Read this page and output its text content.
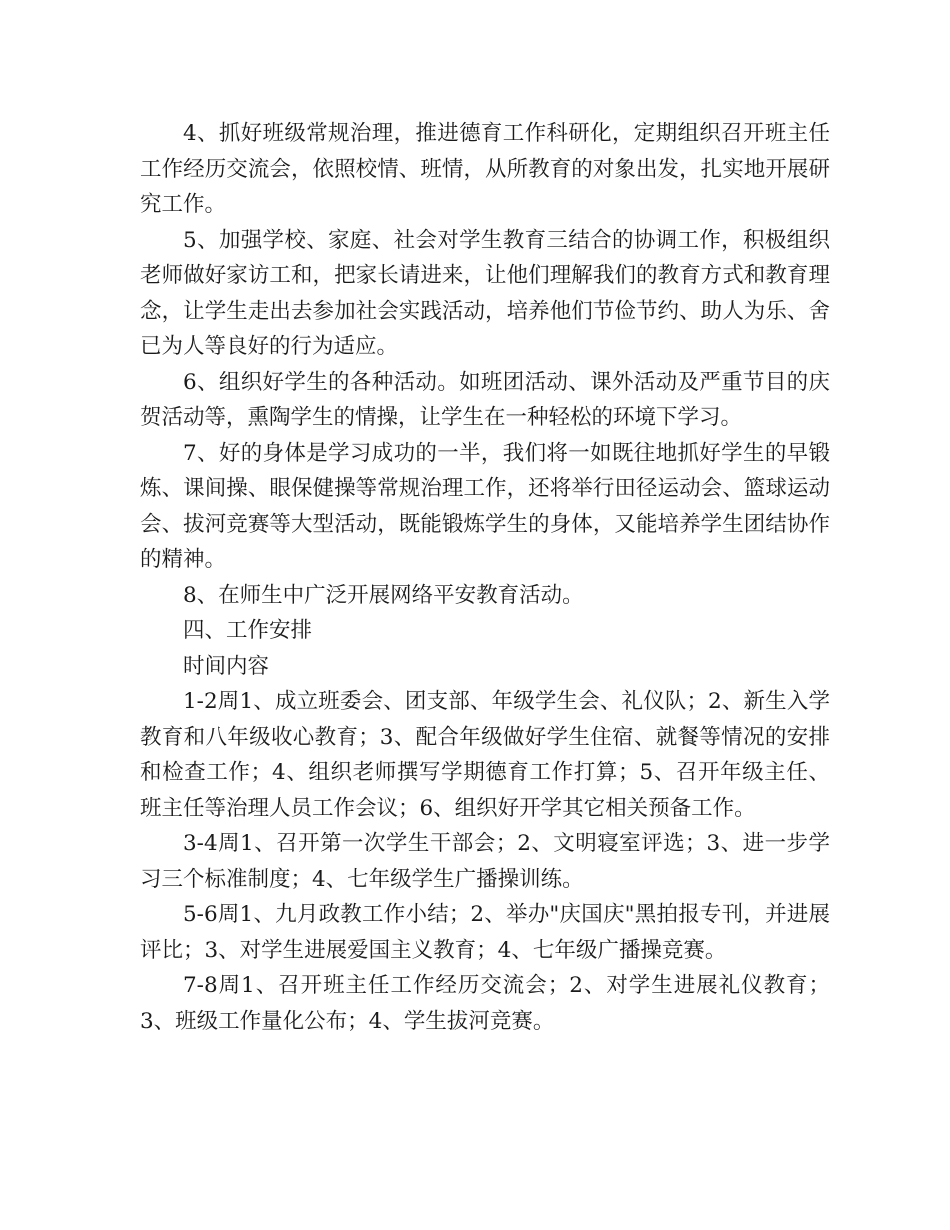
4、抓好班级常规治理，推进德育工作科研化，定期组织召开班主任工作经历交流会，依照校情、班情，从所教育的对象出发，扎实地开展研究工作。

5、加强学校、家庭、社会对学生教育三结合的协调工作，积极组织老师做好家访工和，把家长请进来，让他们理解我们的教育方式和教育理念，让学生走出去参加社会实践活动，培养他们节俭节约、助人为乐、舍已为人等良好的行为适应。

6、组织好学生的各种活动。如班团活动、课外活动及严重节目的庆贺活动等，熏陶学生的情操，让学生在一种轻松的环境下学习。

7、好的身体是学习成功的一半，我们将一如既往地抓好学生的早锻炼、课间操、眼保健操等常规治理工作，还将举行田径运动会、篮球运动会、拔河竞赛等大型活动，既能锻炼学生的身体，又能培养学生团结协作的精神。

8、在师生中广泛开展网络平安教育活动。

四、工作安排

时间内容

1-2周1、成立班委会、团支部、年级学生会、礼仪队；2、新生入学教育和八年级收心教育；3、配合年级做好学生住宿、就餐等情况的安排和检查工作；4、组织老师撰写学期德育工作打算；5、召开年级主任、班主任等治理人员工作会议；6、组织好开学其它相关预备工作。

3-4周1、召开第一次学生干部会；2、文明寝室评选；3、进一步学习三个标准制度；4、七年级学生广播操训练。

5-6周1、九月政教工作小结；2、举办"庆国庆"黑拍报专刊，并进展评比；3、对学生进展爱国主义教育；4、七年级广播操竞赛。

7-8周1、召开班主任工作经历交流会；2、对学生进展礼仪教育；3、班级工作量化公布；4、学生拔河竞赛。
